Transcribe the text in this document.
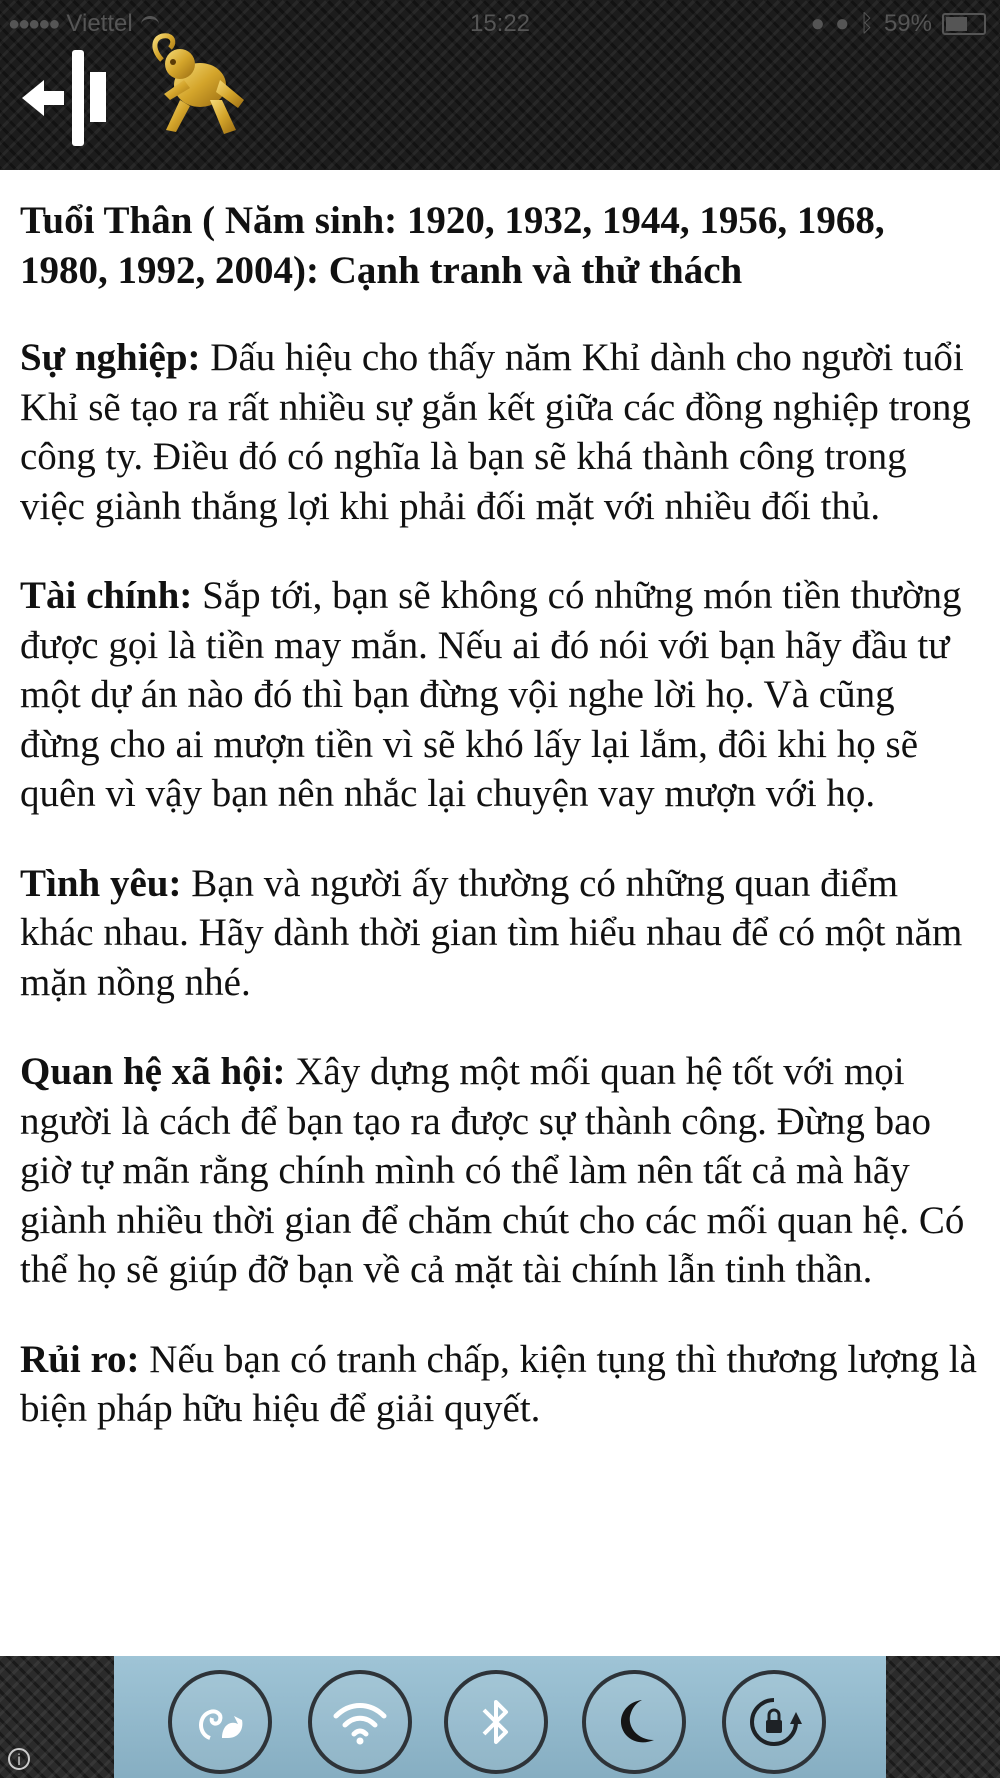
●●●●● Viettel	15:22	● ● ᛒ 59%
Tuổi Thân ( Năm sinh: 1920, 1932, 1944, 1956, 1968, 1980, 1992, 2004): Cạnh tranh và thử thách

Sự nghiệp: Dấu hiệu cho thấy năm Khỉ dành cho người tuổi Khỉ sẽ tạo ra rất nhiều sự gắn kết giữa các đồng nghiệp trong công ty. Điều đó có nghĩa là bạn sẽ khá thành công trong việc giành thắng lợi khi phải đối mặt với nhiều đối thủ.

Tài chính: Sắp tới, bạn sẽ không có những món tiền thường được gọi là tiền may mắn. Nếu ai đó nói với bạn hãy đầu tư một dự án nào đó thì bạn đừng vội nghe lời họ. Và cũng đừng cho ai mượn tiền vì sẽ khó lấy lại lắm, đôi khi họ sẽ quên vì vậy bạn nên nhắc lại chuyện vay mượn với họ.

Tình yêu: Bạn và người ấy thường có những quan điểm khác nhau. Hãy dành thời gian tìm hiểu nhau để có một năm mặn nồng nhé.

Quan hệ xã hội: Xây dựng một mối quan hệ tốt với mọi người là cách để bạn tạo ra được sự thành công. Đừng bao giờ tự mãn rằng chính mình có thể làm nên tất cả mà hãy giành nhiều thời gian để chăm chút cho các mối quan hệ. Có thể họ sẽ giúp đỡ bạn về cả mặt tài chính lẫn tinh thần.

Rủi ro: Nếu bạn có tranh chấp, kiện tụng thì thương lượng là biện pháp hữu hiệu để giải quyết.

i
